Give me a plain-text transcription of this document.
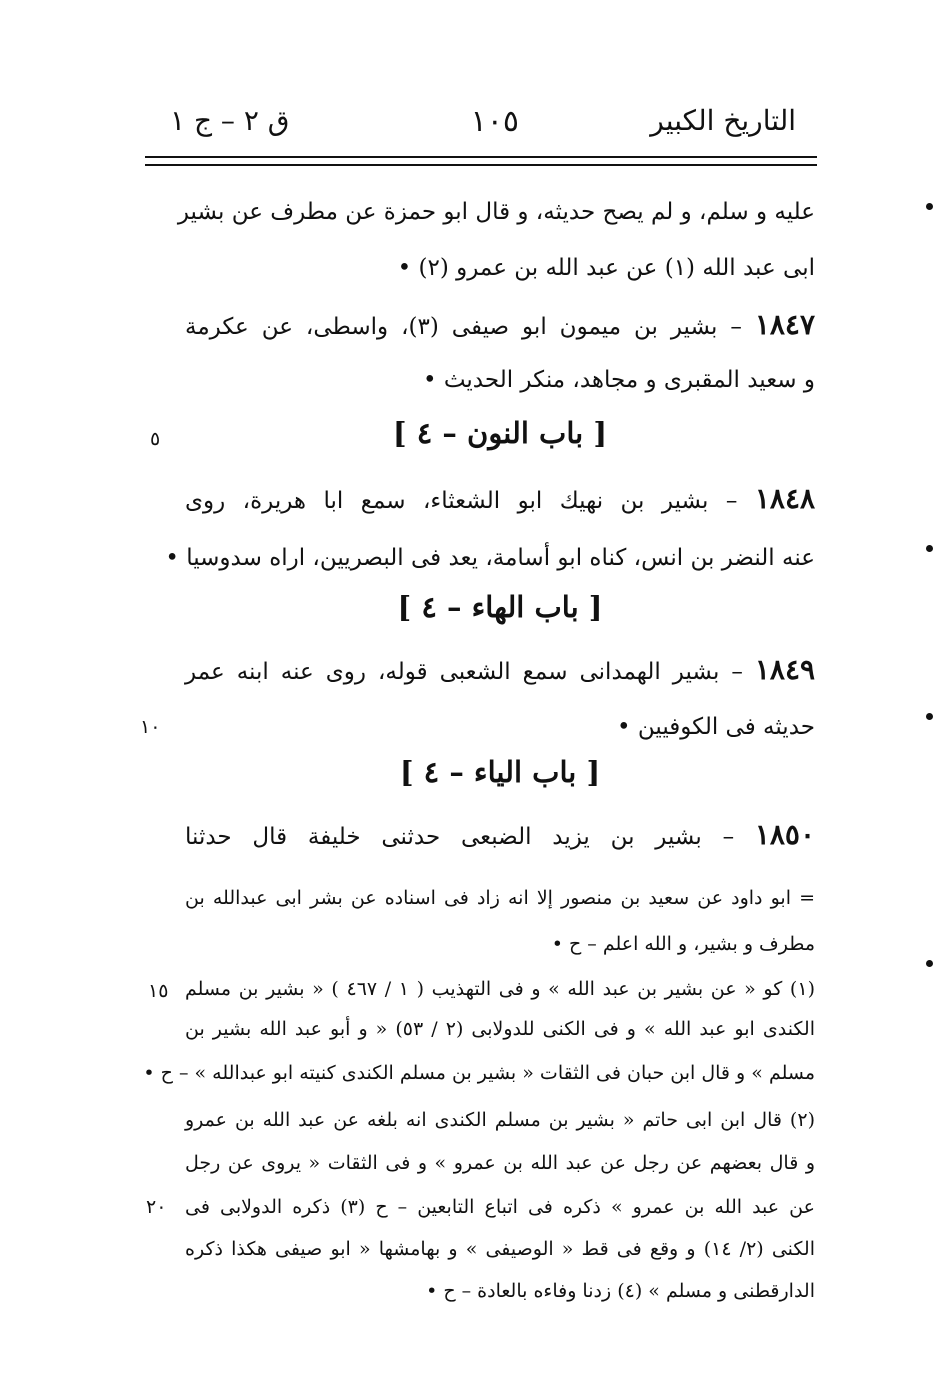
التاريخ الكبير
١٠٥
ق ٢ – ج ١
عليه و سلم، و لم يصح حديثه، و قال ابو حمزة عن مطرف عن بشير
ابى عبد الله (١) عن عبد الله بن عمرو (٢) •
١٨٤٧ – بشير بن ميمون ابو صيفى (٣)، واسطى، عن عكرمة
و سعيد المقبرى و مجاهد، منكر الحديث •
١٨٤٨ – بشير بن نهيك ابو الشعثاء، سمع ابا هريرة، روى
عنه النضر بن انس، كناه ابو أسامة، يعد فى البصريين، اراه سدوسيا •
١٨٤٩ – بشير الهمدانى سمع الشعبى قوله، روى عنه ابنه عمر
حديثه فى الكوفيين •
١٨٥٠ – بشير بن يزيد الضبعى حدثنى خليفة قال حدثنا
[ باب النون – ٤ ]
[ باب الهاء – ٤ ]
[ باب الياء – ٤ ]
= ابو داود عن سعيد بن منصور إلا انه زاد فى اسناده عن بشر ابى عبدالله بن
مطرف و بشير، و الله اعلم – ح •
(١) كو « عن بشير بن عبد الله » و فى التهذيب ( ١ / ٤٦٧ ) « بشير بن مسلم
الكندى ابو عبد الله » و فى الكنى للدولابى (٢ / ٥٣) « و أبو عبد الله بشير بن
مسلم » و قال ابن حبان فى الثقات « بشير بن مسلم الكندى كنيته ابو عبدالله » – ح •
(٢) قال ابن ابى حاتم « بشير بن مسلم الكندى انه بلغه عن عبد الله بن عمرو
و قال بعضهم عن رجل عن عبد الله بن عمرو » و فى الثقات « يروى عن رجل
عن عبد الله بن عمرو » ذكره فى اتباع التابعين – ح (٣) ذكره الدولابى فى
الكنى (٢/ ١٤) و وقع فى قط « الوصيفى » و بهامشها « ابو صيفى هكذا ذكره
الدارقطنى و مسلم » (٤) زدنا وفاءه بالعادة – ح •
٥
١٠
١٥
٢٠
